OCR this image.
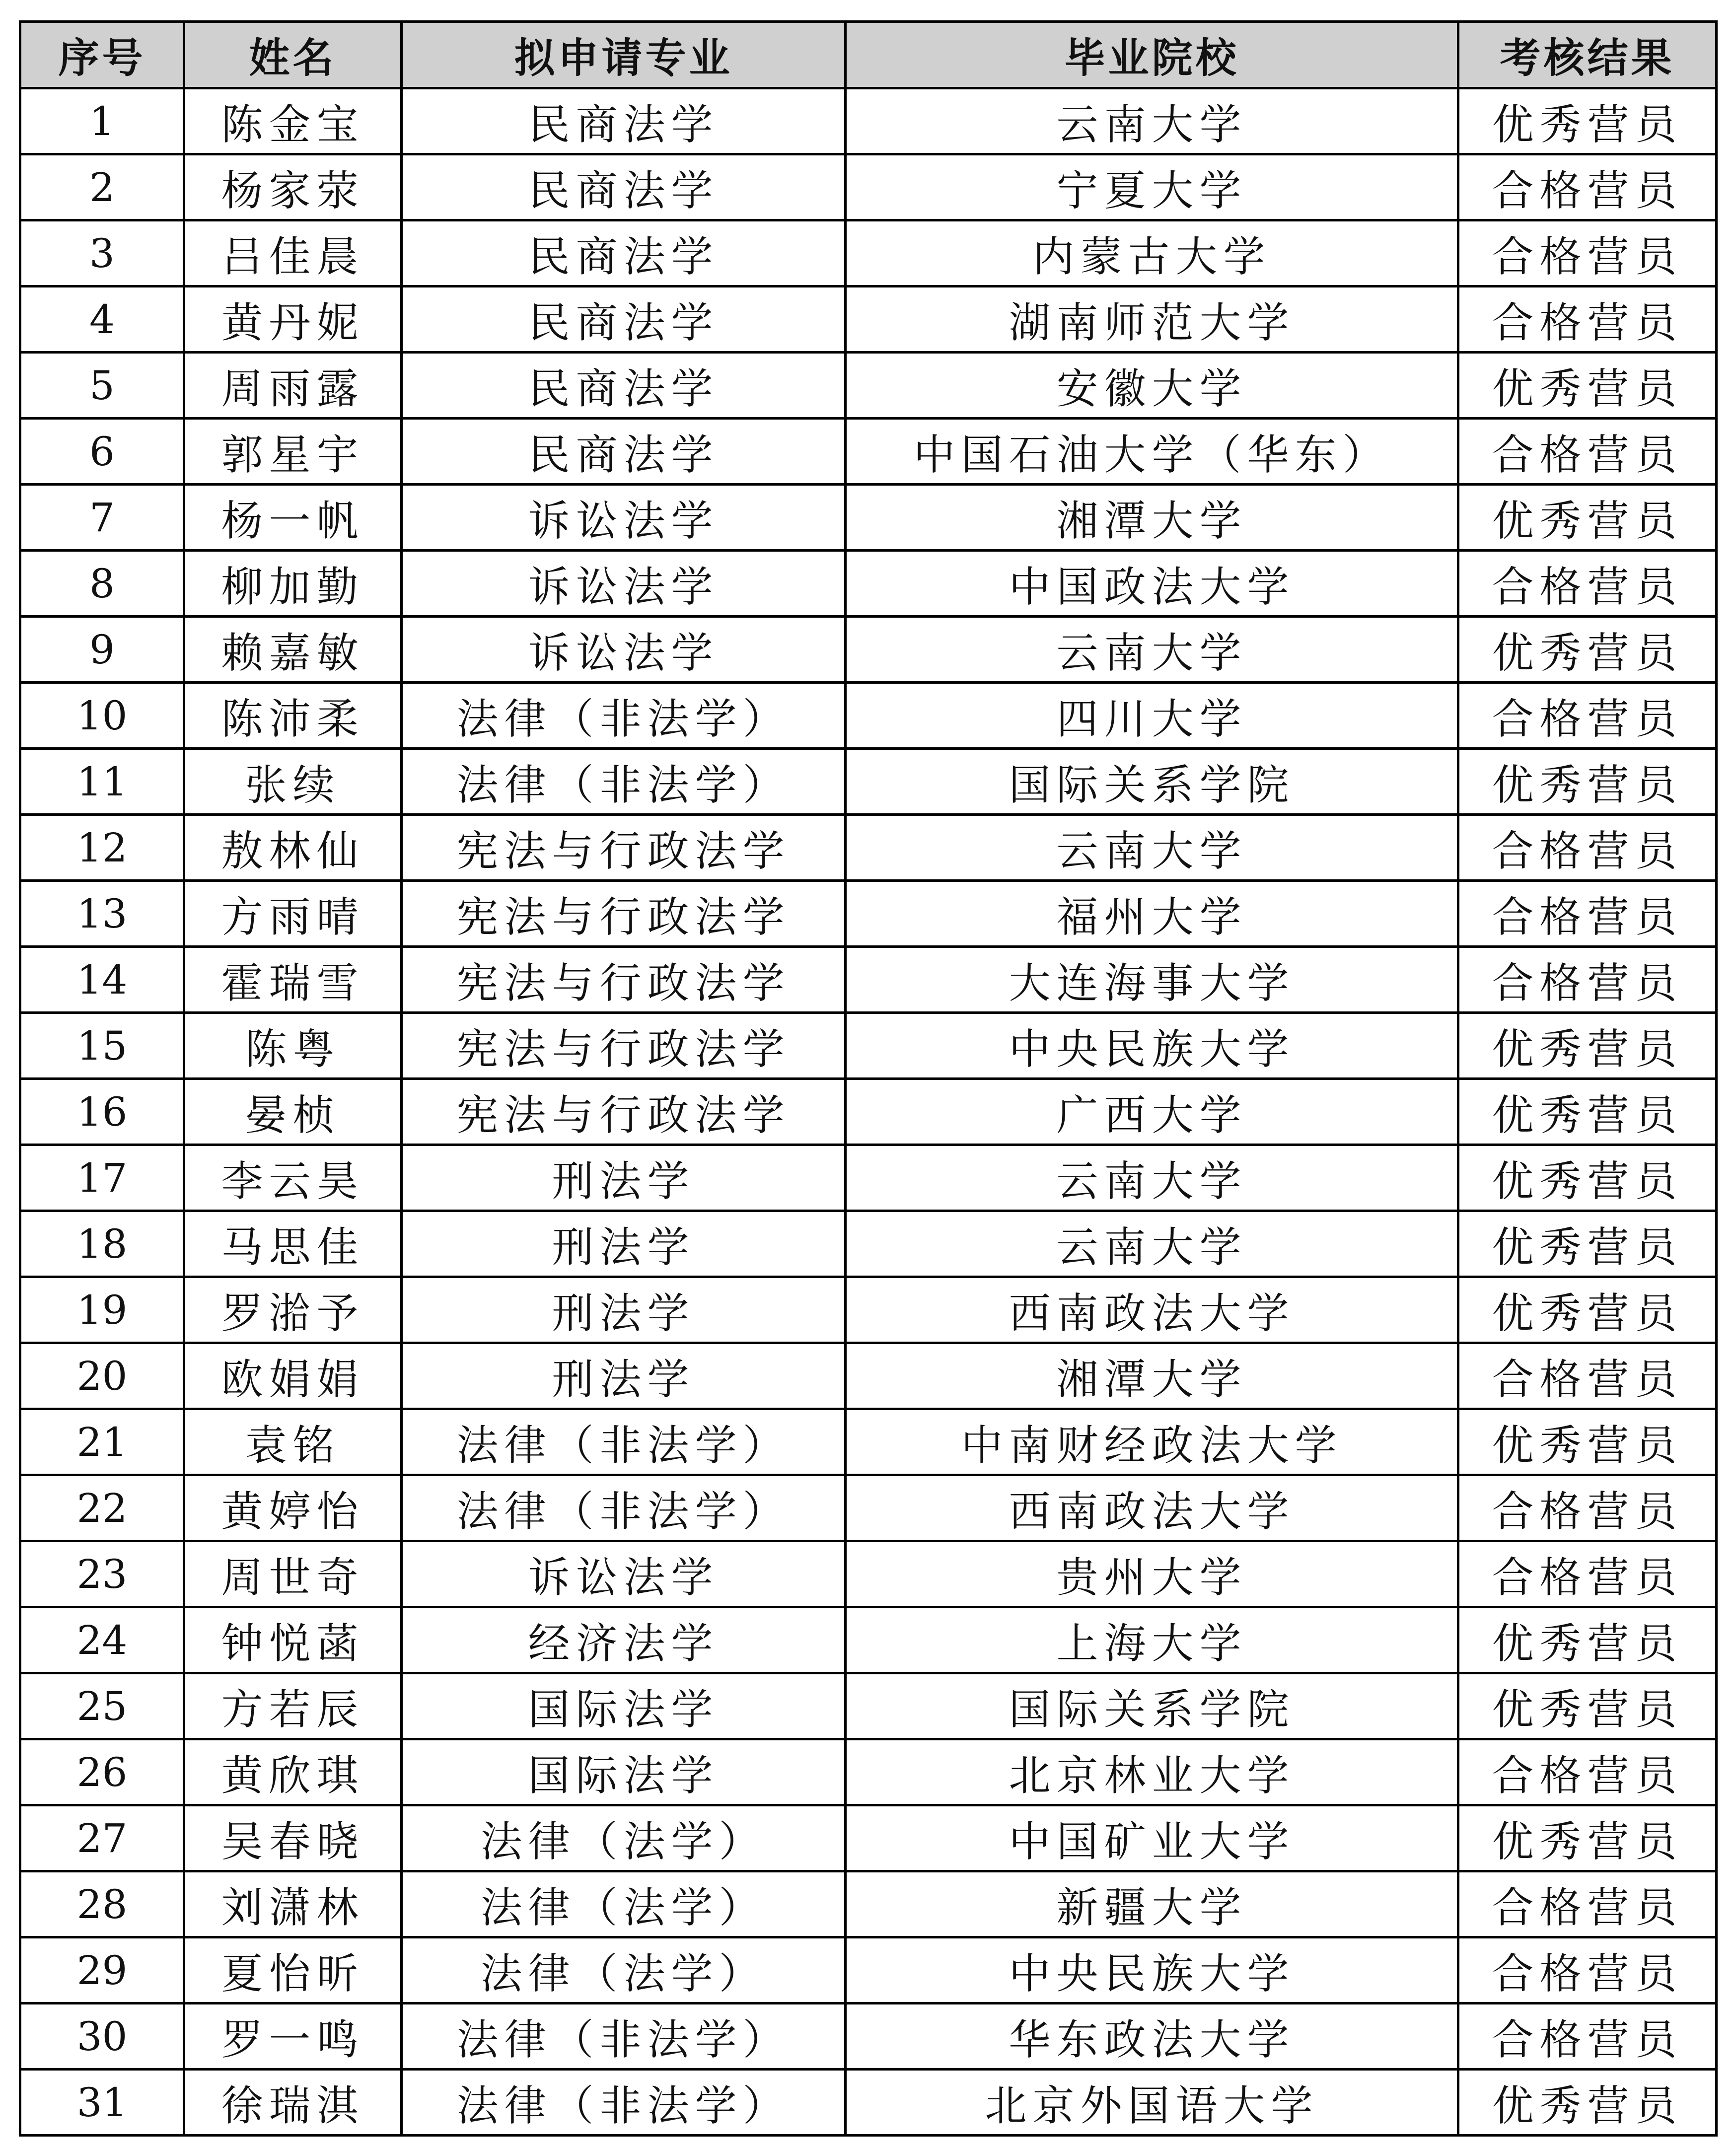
序号	姓名	拟申请专业	毕业院校	考核结果
1	陈金宝	民商法学	云南大学	优秀营员
2	杨家荥	民商法学	宁夏大学	合格营员
3	吕佳晨	民商法学	内蒙古大学	合格营员
4	黄丹妮	民商法学	湖南师范大学	合格营员
5	周雨露	民商法学	安徽大学	优秀营员
6	郭星宇	民商法学	中国石油大学（华东）	合格营员
7	杨一帆	诉讼法学	湘潭大学	优秀营员
8	柳加勤	诉讼法学	中国政法大学	合格营员
9	赖嘉敏	诉讼法学	云南大学	优秀营员
10	陈沛柔	法律（非法学）	四川大学	合格营员
11	张续	法律（非法学）	国际关系学院	优秀营员
12	敖林仙	宪法与行政法学	云南大学	合格营员
13	方雨晴	宪法与行政法学	福州大学	合格营员
14	霍瑞雪	宪法与行政法学	大连海事大学	合格营员
15	陈粤	宪法与行政法学	中央民族大学	优秀营员
16	晏桢	宪法与行政法学	广西大学	优秀营员
17	李云昊	刑法学	云南大学	优秀营员
18	马思佳	刑法学	云南大学	优秀营员
19	罗湁予	刑法学	西南政法大学	优秀营员
20	欧娟娟	刑法学	湘潭大学	合格营员
21	袁铭	法律（非法学）	中南财经政法大学	优秀营员
22	黄婷怡	法律（非法学）	西南政法大学	合格营员
23	周世奇	诉讼法学	贵州大学	合格营员
24	钟悦菡	经济法学	上海大学	优秀营员
25	方若辰	国际法学	国际关系学院	优秀营员
26	黄欣琪	国际法学	北京林业大学	合格营员
27	吴春晓	法律（法学）	中国矿业大学	优秀营员
28	刘潇林	法律（法学）	新疆大学	合格营员
29	夏怡昕	法律（法学）	中央民族大学	合格营员
30	罗一鸣	法律（非法学）	华东政法大学	合格营员
31	徐瑞淇	法律（非法学）	北京外国语大学	优秀营员
